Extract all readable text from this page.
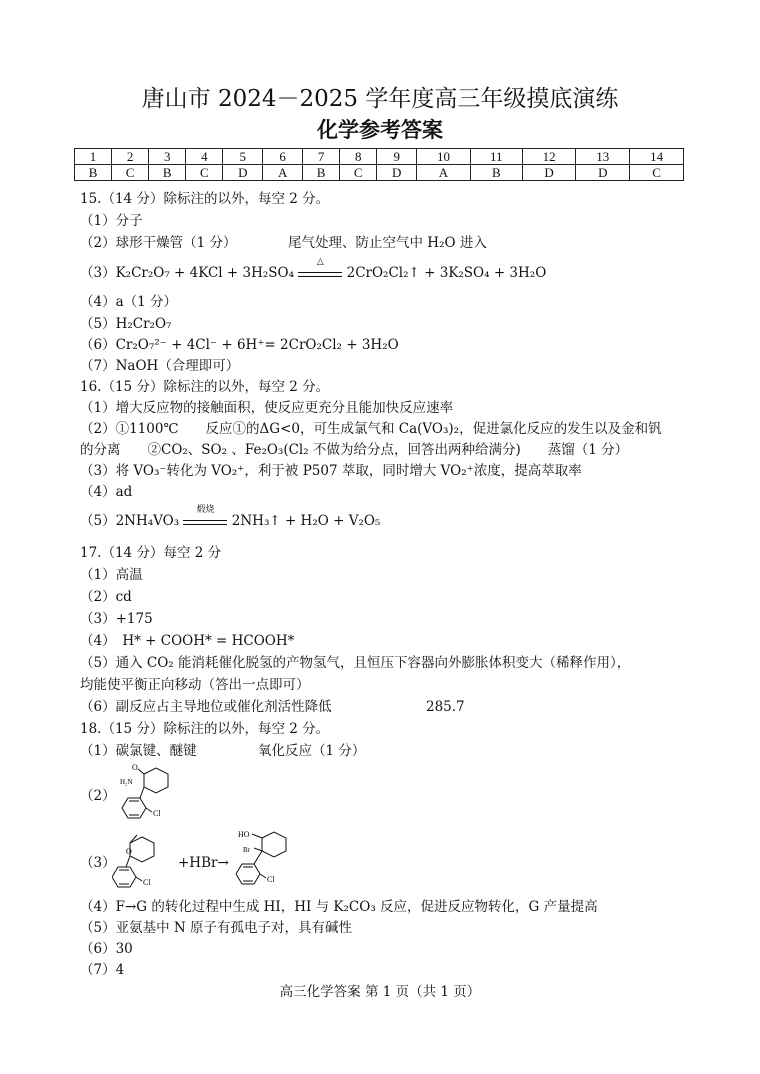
唐山市 2024－2025 学年度高三年级摸底演练
化学参考答案
1	2	3	4	5	6	7	8	9	10	11	12	13	14
B	C	B	C	D	A	B	C	D	A	B	D	D	C
15.（14 分）除标注的以外，每空 2 分。
（1）分子
（2）球形干燥管（1 分）	尾气处理、防止空气中 H₂O 进入
（3）K₂Cr₂O₇ + 4KCl + 3H₂SO₄
△
2CrO₂Cl₂↑ + 3K₂SO₄ + 3H₂O
（4）a（1 分）
（5）H₂Cr₂O₇
（6）Cr₂O₇²⁻ + 4Cl⁻ + 6H⁺= 2CrO₂Cl₂ + 3H₂O
（7）NaOH（合理即可）
16.（15 分）除标注的以外，每空 2 分。
（1）增大反应物的接触面积，使反应更充分且能加快反应速率
（2）①1100℃　　反应①的ΔG<0，可生成氯气和 Ca(VO₃)₂，促进氯化反应的发生以及金和钒
的分离　　②CO₂、SO₂ 、Fe₂O₃(Cl₂ 不做为给分点，回答出两种给满分)　　蒸馏（1 分）
（3）将 VO₃⁻转化为 VO₂⁺，利于被 P507 萃取，同时增大 VO₂⁺浓度，提高萃取率
（4）ad
（5）2NH₄VO₃
煅烧
2NH₃↑ + H₂O + V₂O₅
17.（14 分）每空 2 分
（1）高温
（2）cd
（3）+175
（4）　H* + COOH* = HCOOH*
（5）通入 CO₂ 能消耗催化脱氢的产物氢气，且恒压下容器向外膨胀体积变大（稀释作用），
均能使平衡正向移动（答出一点即可）
（6）副反应占主导地位或催化剂活性降低	285.7
18.（15 分）除标注的以外，每空 2 分。
（1）碳氯键、醚键	氧化反应（1 分）
（2）
O
H₂N
Cl
（3）
O
Cl
+HBr→
HO
Br
Cl
（4）F→G 的转化过程中生成 HI，HI 与 K₂CO₃ 反应，促进反应物转化，G 产量提高
（5）亚氨基中 N 原子有孤电子对，具有碱性
（6）30
（7）4
高三化学答案 第 1 页（共 1 页）
